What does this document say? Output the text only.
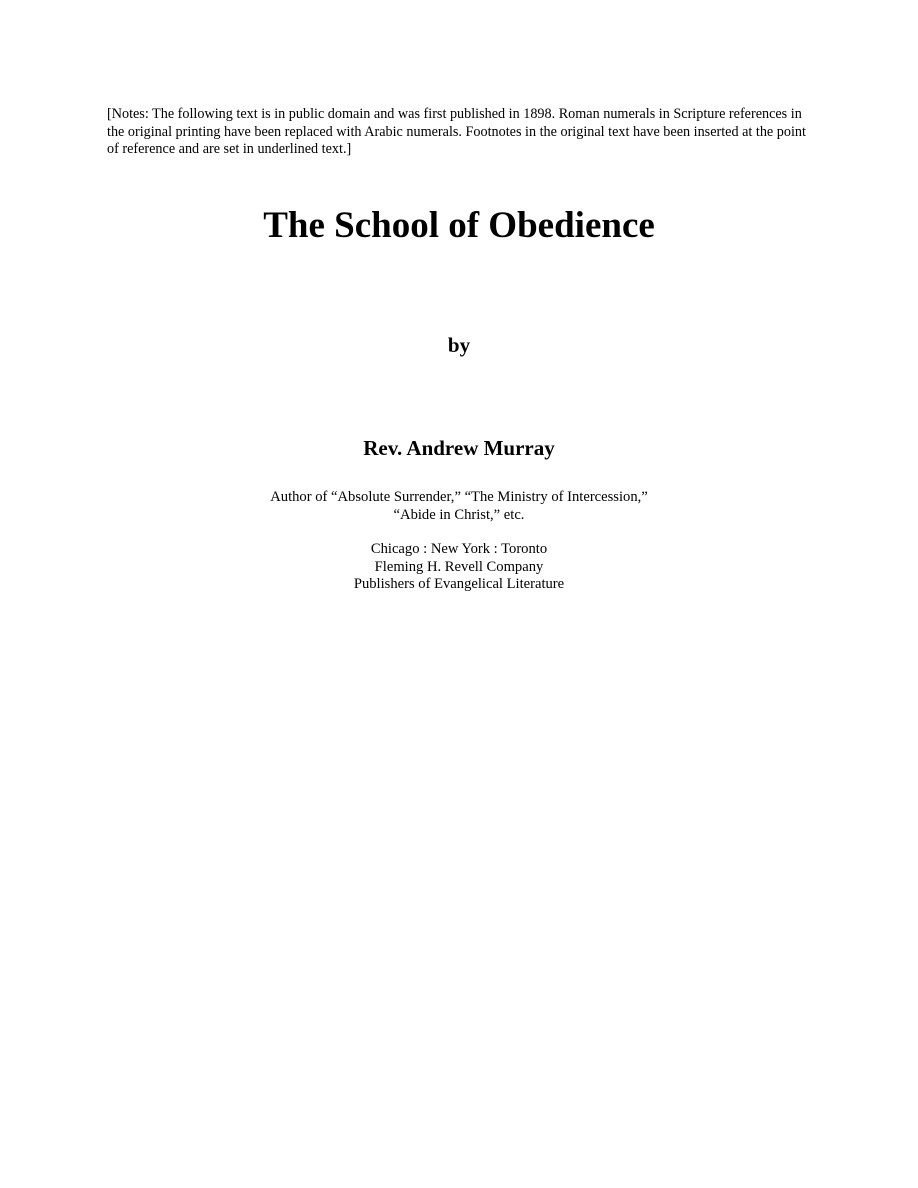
[Notes: The following text is in public domain and was first published in 1898. Roman numerals in Scripture references in the original printing have been replaced with Arabic numerals. Footnotes in the original text have been inserted at the point of reference and are set in underlined text.]

The School of Obedience

by

Rev. Andrew Murray

Author of “Absolute Surrender,” “The Ministry of Intercession,”
“Abide in Christ,” etc.

Chicago : New York : Toronto
Fleming H. Revell Company
Publishers of Evangelical Literature
